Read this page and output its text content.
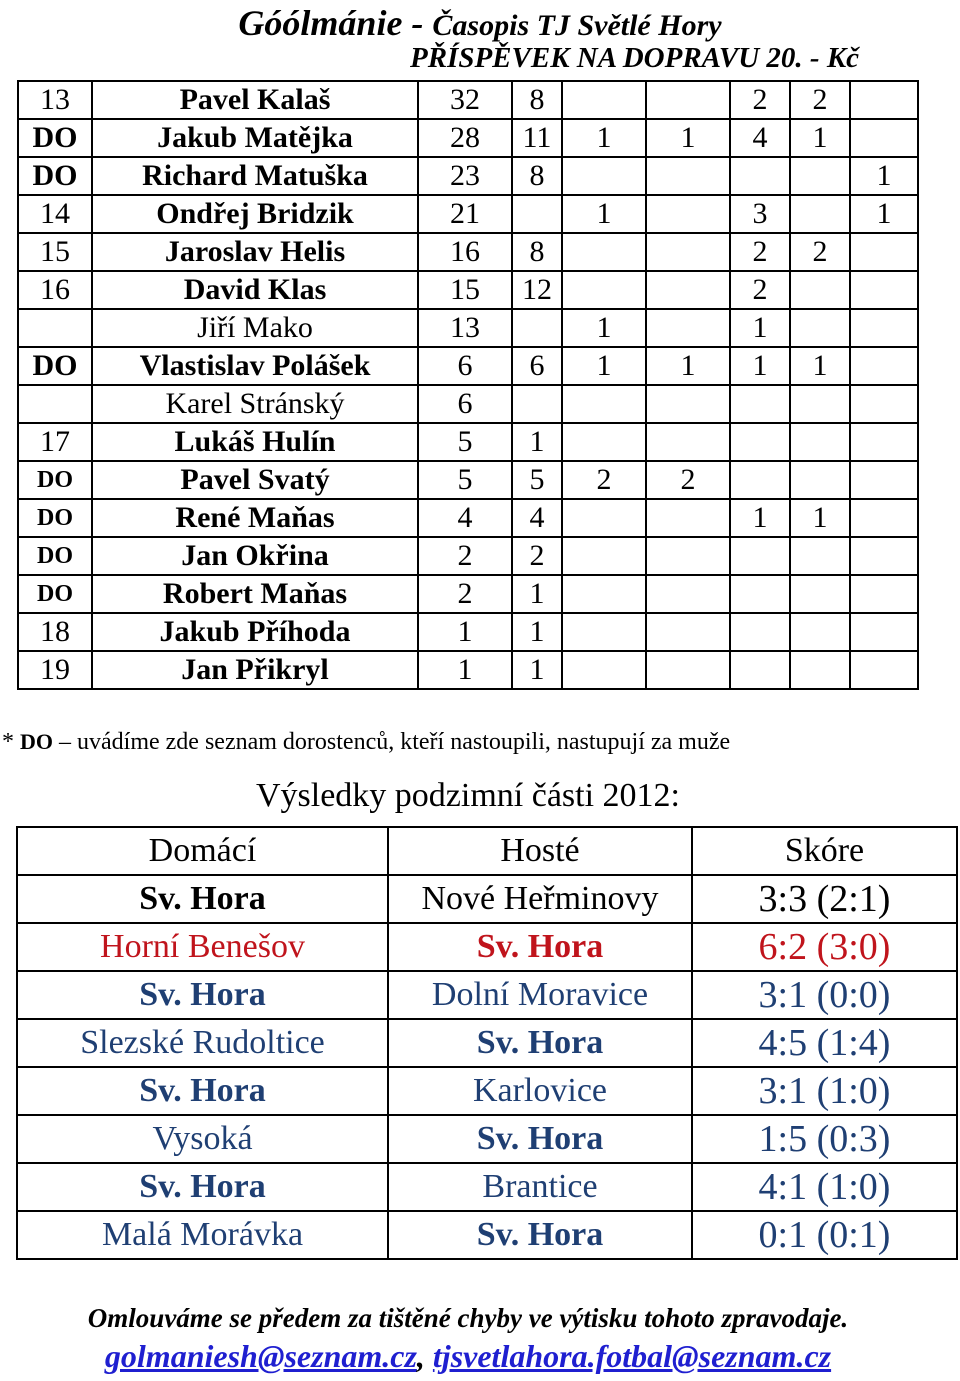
Góólmánie - Časopis TJ Světlé Hory
PŘÍSPĚVEK NA DOPRAVU 20. - Kč
13	Pavel Kalaš	32	8			2	2	
DO	Jakub Matějka	28	11	1	1	4	1	
DO	Richard Matuška	23	8					1
14	Ondřej Bridzik	21		1		3		1
15	Jaroslav Helis	16	8			2	2	
16	David Klas	15	12			2		
	Jiří Mako	13		1		1		
DO	Vlastislav Polášek	6	6	1	1	1	1	
	Karel Stránský	6						
17	Lukáš Hulín	5	1					
DO	Pavel Svatý	5	5	2	2			
DO	René Maňas	4	4			1	1	
DO	Jan Okřina	2	2					
DO	Robert Maňas	2	1					
18	Jakub Příhoda	1	1					
19	Jan Přikryl	1	1					
* DO – uvádíme zde seznam dorostenců, kteří nastoupili, nastupují za muže
Výsledky podzimní části 2012:
Domácí	Hosté	Skóre
Sv. Hora	Nové Heřminovy	3:3 (2:1)
Horní Benešov	Sv. Hora	6:2 (3:0)
Sv. Hora	Dolní Moravice	3:1 (0:0)
Slezské Rudoltice	Sv. Hora	4:5 (1:4)
Sv. Hora	Karlovice	3:1 (1:0)
Vysoká	Sv. Hora	1:5 (0:3)
Sv. Hora	Brantice	4:1 (1:0)
Malá Morávka	Sv. Hora	0:1 (0:1)
Omlouváme se předem za tištěné chyby ve výtisku tohoto zpravodaje.
golmaniesh@seznam.cz, tjsvetlahora.fotbal@seznam.cz
